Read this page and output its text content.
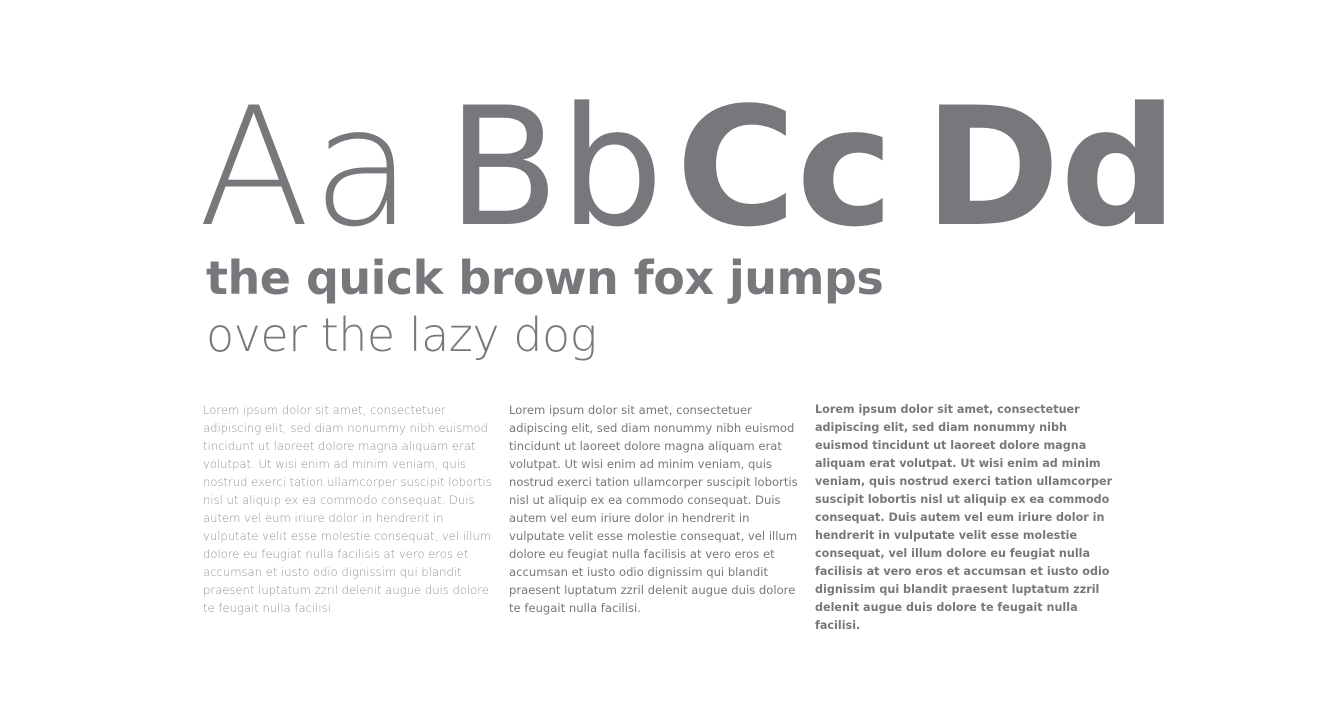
Aa Bb Cc Dd
the quick brown fox jumps
over the lazy dog
Lorem ipsum dolor sit amet, consectetuer adipiscing elit, sed diam nonummy nibh euismod tincidunt ut laoreet dolore magna aliquam erat volutpat. Ut wisi enim ad minim veniam, quis nostrud exerci tation ullamcorper suscipit lobortis nisl ut aliquip ex ea commodo consequat. Duis autem vel eum iriure dolor in hendrerit in vulputate velit esse molestie consequat, vel illum dolore eu feugiat nulla facilisis at vero eros et accumsan et iusto odio dignissim qui blandit praesent luptatum zzril delenit augue duis dolore te feugait nulla facilisi.
Lorem ipsum dolor sit amet, consectetuer adipiscing elit, sed diam nonummy nibh euismod tincidunt ut laoreet dolore magna aliquam erat volutpat. Ut wisi enim ad minim veniam, quis nostrud exerci tation ullamcorper suscipit lobortis nisl ut aliquip ex ea commodo consequat. Duis autem vel eum iriure dolor in hendrerit in vulputate velit esse molestie consequat, vel illum dolore eu feugiat nulla facilisis at vero eros et accumsan et iusto odio dignissim qui blandit praesent luptatum zzril delenit augue duis dolore te feugait nulla facilisi.
Lorem ipsum dolor sit amet, consectetuer adipiscing elit, sed diam nonummy nibh euismod tincidunt ut laoreet dolore magna aliquam erat volutpat. Ut wisi enim ad minim veniam, quis nostrud exerci tation ullamcorper suscipit lobortis nisl ut aliquip ex ea commodo consequat. Duis autem vel eum iriure dolor in hendrerit in vulputate velit esse molestie consequat, vel illum dolore eu feugiat nulla facilisis at vero eros et accumsan et iusto odio dignissim qui blandit praesent luptatum zzril delenit augue duis dolore te feugait nulla facilisi.
